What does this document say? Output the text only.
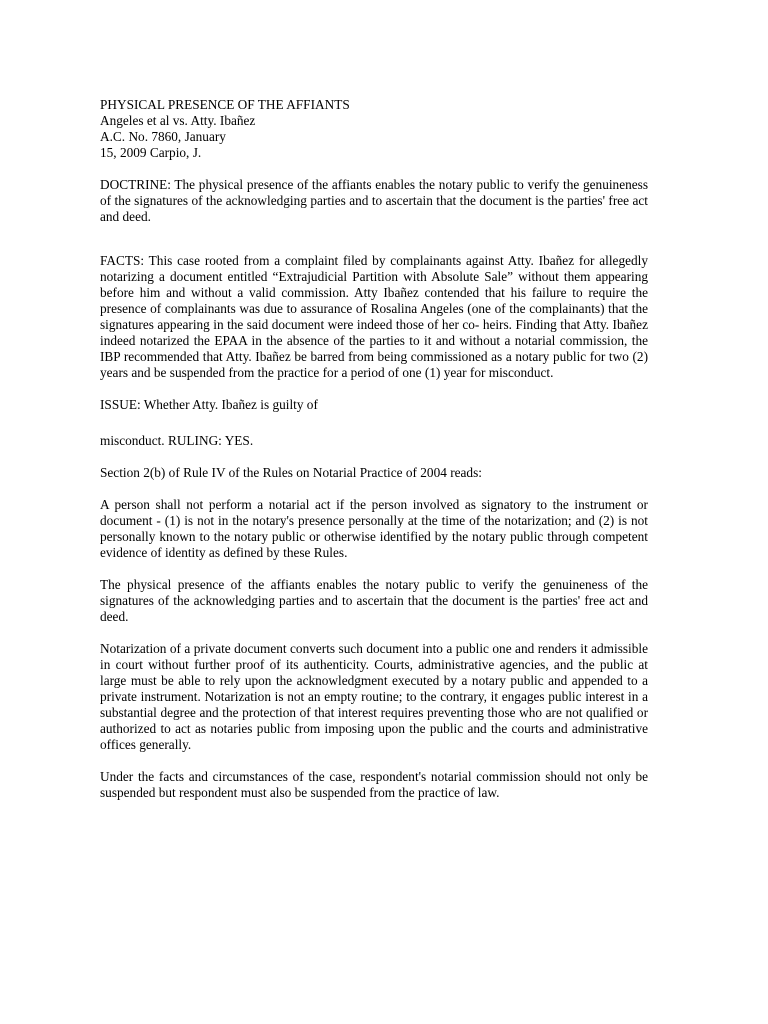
PHYSICAL PRESENCE OF THE AFFIANTS
Angeles et al vs. Atty. Ibañez
A.C. No. 7860, January
15, 2009 Carpio, J.

DOCTRINE: The physical presence of the affiants enables the notary public to verify the genuineness of the signatures of the acknowledging parties and to ascertain that the document is the parties' free act and deed.

FACTS: This case rooted from a complaint filed by complainants against Atty. Ibañez for allegedly notarizing a document entitled “Extrajudicial Partition with Absolute Sale” without them appearing before him and without a valid commission. Atty Ibañez contended that his failure to require the presence of complainants was due to assurance of Rosalina Angeles (one of the complainants) that the signatures appearing in the said document were indeed those of her co- heirs. Finding that Atty. Ibañez indeed notarized the EPAA in the absence of the parties to it and without a notarial commission, the IBP recommended that Atty. Ibañez be barred from being commissioned as a notary public for two (2) years and be suspended from the practice for a period of one (1) year for misconduct.

ISSUE: Whether Atty. Ibañez is guilty of

misconduct. RULING: YES.

Section 2(b) of Rule IV of the Rules on Notarial Practice of 2004 reads:

A person shall not perform a notarial act if the person involved as signatory to the instrument or document - (1) is not in the notary's presence personally at the time of the notarization; and (2) is not personally known to the notary public or otherwise identified by the notary public through competent evidence of identity as defined by these Rules.

The physical presence of the affiants enables the notary public to verify the genuineness of the signatures of the acknowledging parties and to ascertain that the document is the parties' free act and deed.

Notarization of a private document converts such document into a public one and renders it admissible in court without further proof of its authenticity. Courts, administrative agencies, and the public at large must be able to rely upon the acknowledgment executed by a notary public and appended to a private instrument. Notarization is not an empty routine; to the contrary, it engages public interest in a substantial degree and the protection of that interest requires preventing those who are not qualified or authorized to act as notaries public from imposing upon the public and the courts and administrative offices generally.

Under the facts and circumstances of the case, respondent's notarial commission should not only be suspended but respondent must also be suspended from the practice of law.
